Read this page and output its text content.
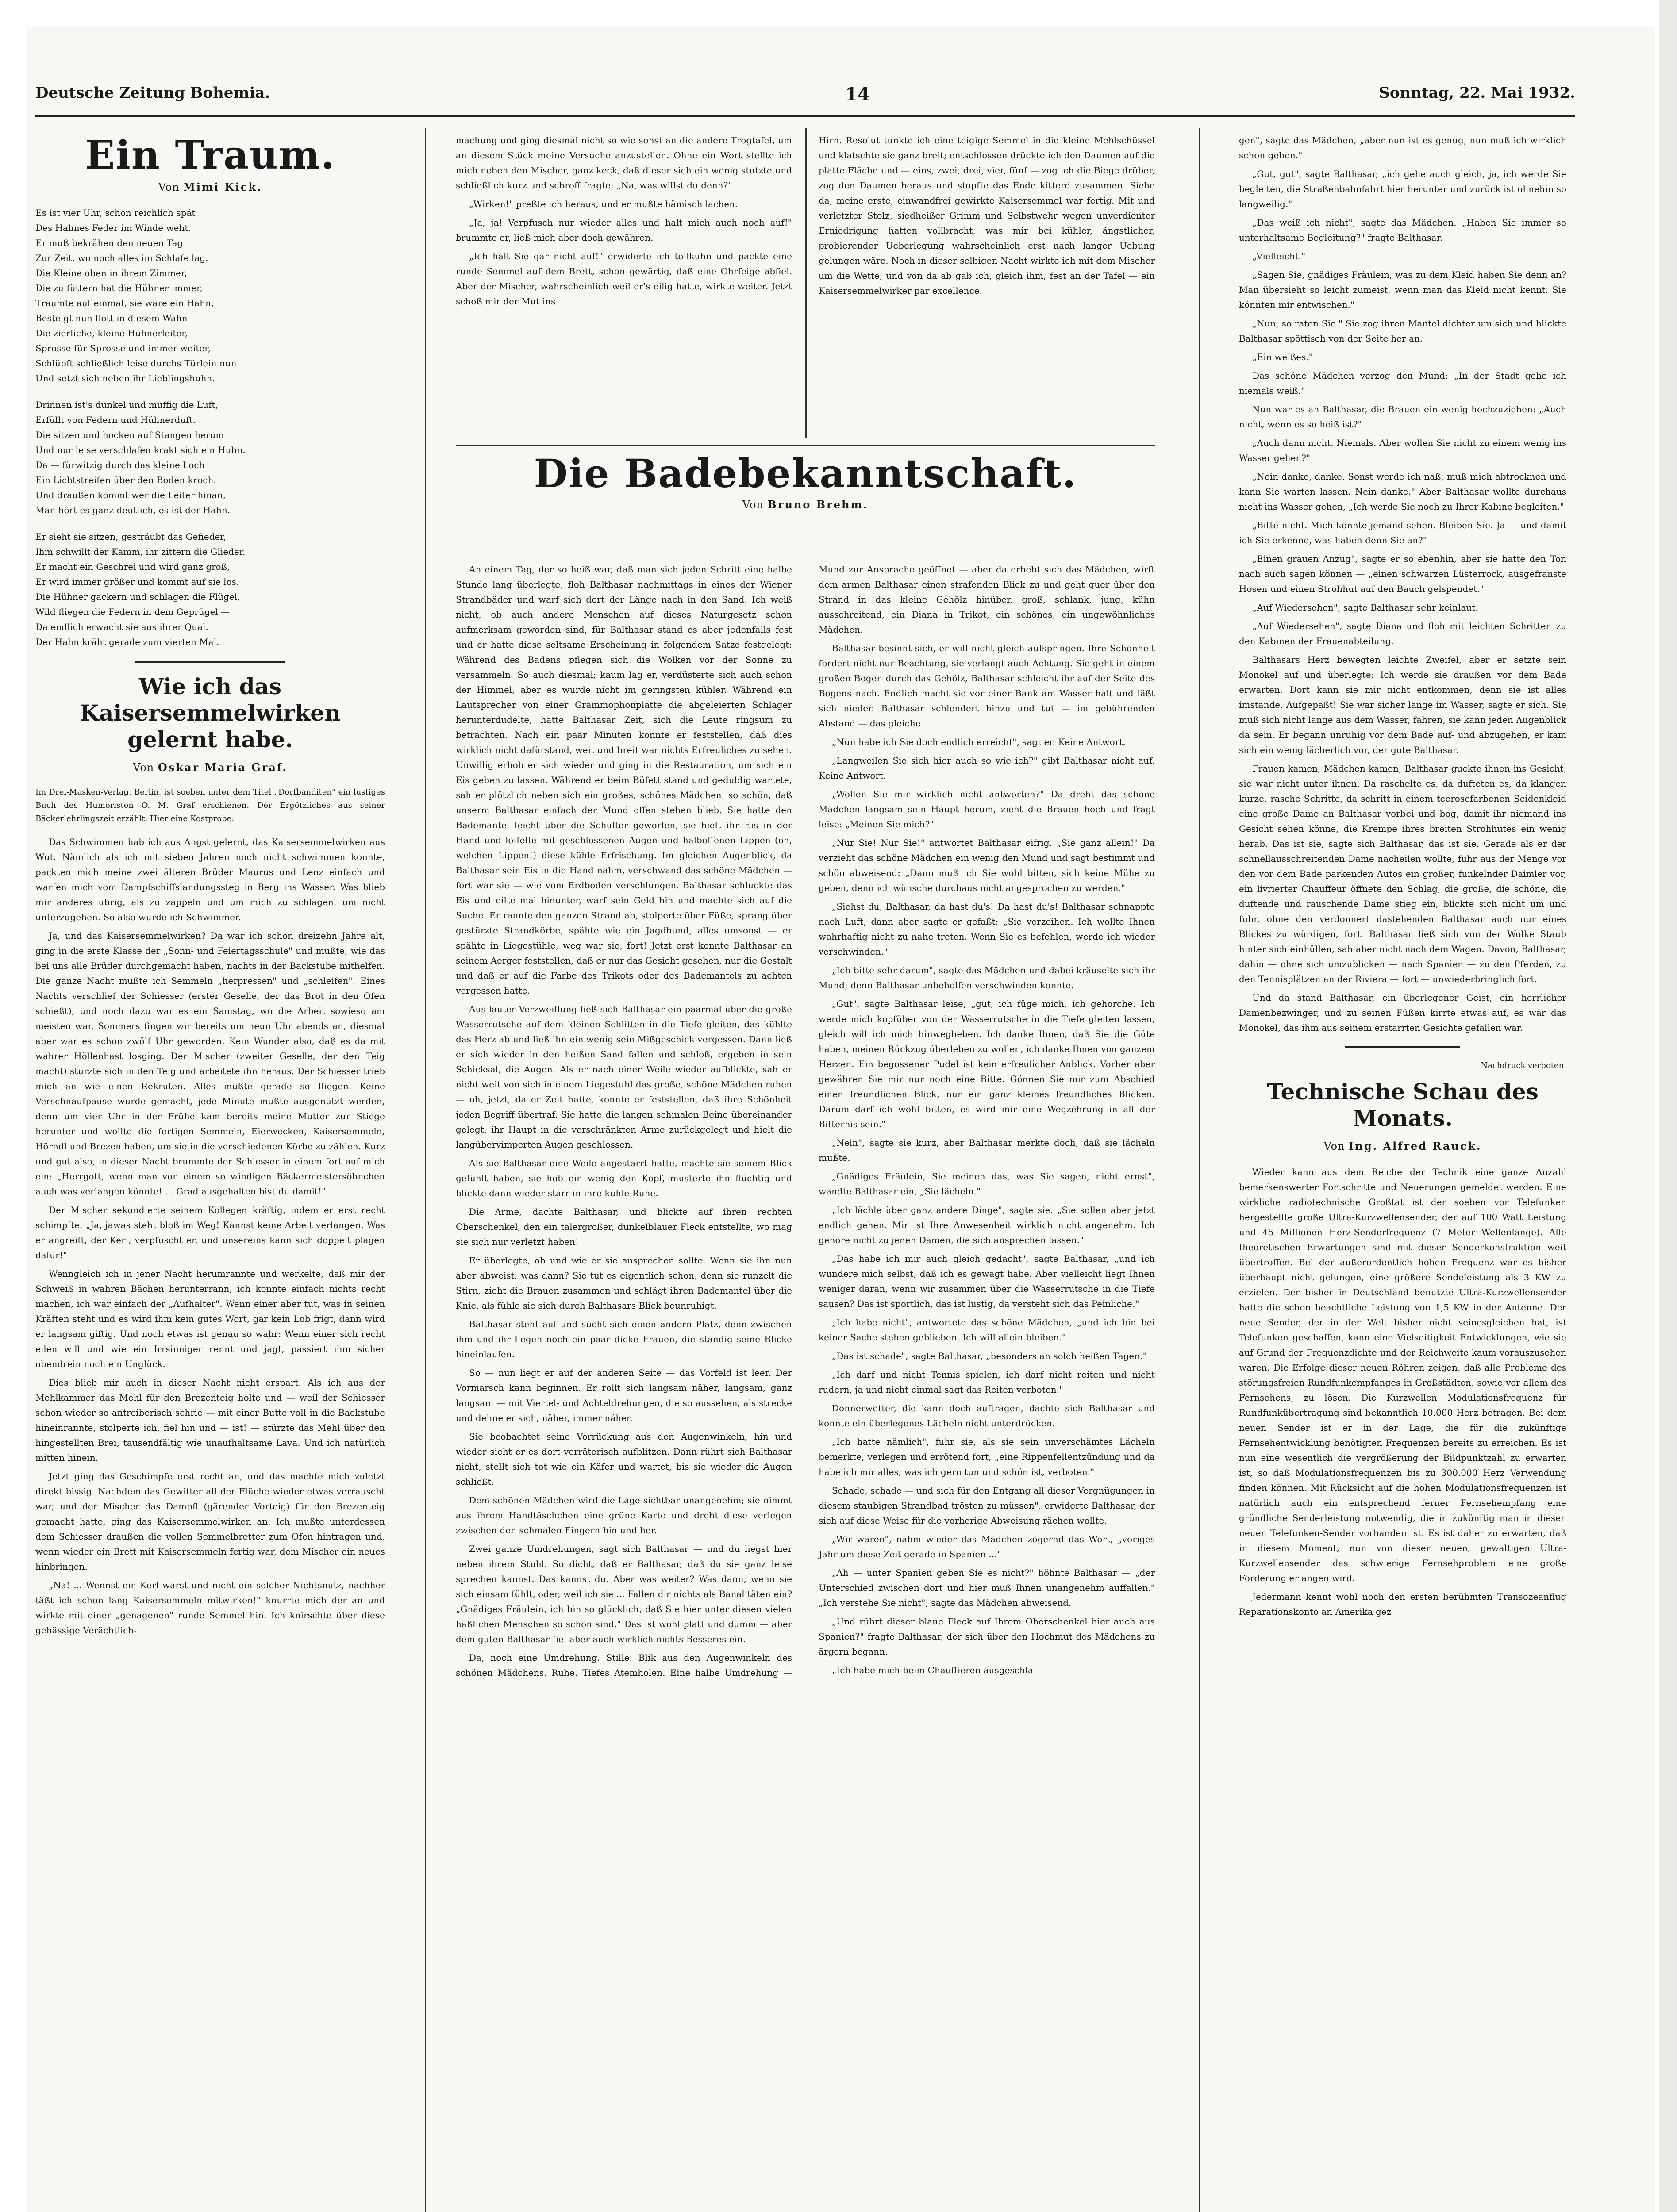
Deutsche Zeitung Bohemia.	14	Sonntag, 22. Mai 1932.
Ein Traum.
Von Mimi Kick.

Es ist vier Uhr, schon reichlich spät
Des Hahnes Feder im Winde weht.
Er muß bekrähen den neuen Tag
Zur Zeit, wo noch alles im Schlafe lag.
Die Kleine oben in ihrem Zimmer,
Die zu füttern hat die Hühner immer,
Träumte auf einmal, sie wäre ein Hahn,
Besteigt nun flott in diesem Wahn
Die zierliche, kleine Hühnerleiter,
Sprosse für Sprosse und immer weiter,
Schlüpft schließlich leise durchs Türlein nun
Und setzt sich neben ihr Lieblingshuhn.

Drinnen ist's dunkel und muffig die Luft,
Erfüllt von Federn und Hühnerduft.
Die sitzen und hocken auf Stangen herum
Und nur leise verschlafen krakt sich ein Huhn.
Da — fürwitzig durch das kleine Loch
Ein Lichtstreifen über den Boden kroch.
Und draußen kommt wer die Leiter hinan,
Man hört es ganz deutlich, es ist der Hahn.

Er sieht sie sitzen, gesträubt das Gefieder,
Ihm schwillt der Kamm, ihr zittern die Glieder.
Er macht ein Geschrei und wird ganz groß,
Er wird immer größer und kommt auf sie los.
Die Hühner gackern und schlagen die Flügel,
Wild fliegen die Federn in dem Geprügel —
Da endlich erwacht sie aus ihrer Qual.
Der Hahn kräht gerade zum vierten Mal.

Wie ich das Kaisersemmelwirken gelernt habe.
Von Oskar Maria Graf.
Im Drei-Masken-Verlag, Berlin, ist soeben unter dem Titel „Dorfbanditen" ein lustiges Buch des Humoristen O. M. Graf erschienen. Der Ergötzliches aus seiner Bäckerlehrlingszeit erzählt. Hier eine Kostprobe:

Das Schwimmen hab ich aus Angst gelernt, das Kaisersemmelwirken aus Wut. Nämlich als ich mit sieben Jahren noch nicht schwimmen konnte, packten mich meine zwei älteren Brüder Maurus und Lenz einfach und warfen mich vom Dampfschiffslandungssteg in Berg ins Wasser. Was blieb mir anderes übrig, als zu zappeln und um mich zu schlagen, um nicht unterzugehen. So also wurde ich Schwimmer.

Ja, und das Kaisersemmelwirken? Da war ich schon dreizehn Jahre alt, ging in die erste Klasse der „Sonn- und Feiertagsschule" und mußte, wie das bei uns alle Brüder durchgemacht haben, nachts in der Backstube mithelfen. Die ganze Nacht mußte ich Semmeln „herpressen" und „schleifen". Eines Nachts verschlief der Schiesser (erster Geselle, der das Brot in den Ofen schießt), und noch dazu war es ein Samstag, wo die Arbeit sowieso am meisten war. Sommers fingen wir bereits um neun Uhr abends an, diesmal aber war es schon zwölf Uhr geworden. Kein Wunder also, daß es da mit wahrer Höllenhast losging. Der Mischer (zweiter Geselle, der den Teig macht) stürzte sich in den Teig und arbeitete ihn heraus. Der Schiesser trieb mich an wie einen Rekruten. Alles mußte gerade so fliegen. Keine Verschnaufpause wurde gemacht, jede Minute mußte ausgenützt werden, denn um vier Uhr in der Frühe kam bereits meine Mutter zur Stiege herunter und wollte die fertigen Semmeln, Eierwecken, Kaisersemmeln, Hörndl und Brezen haben, um sie in die verschiedenen Körbe zu zählen. Kurz und gut also, in dieser Nacht brummte der Schiesser in einem fort auf mich ein: „Herrgott, wenn man von einem so windigen Bäckermeistersöhnchen auch was verlangen könnte! ... Grad ausgehalten bist du damit!"

Der Mischer sekundierte seinem Kollegen kräftig, indem er erst recht schimpfte: „Ja, jawas steht bloß im Weg! Kannst keine Arbeit verlangen. Was er angreift, der Kerl, verpfuscht er, und unsereins kann sich doppelt plagen dafür!"

Wenngleich ich in jener Nacht herumrannte und werkelte, daß mir der Schweiß in wahren Bächen herunterrann, ich konnte einfach nichts recht machen, ich war einfach der „Aufhalter". Wenn einer aber tut, was in seinen Kräften steht und es wird ihm kein gutes Wort, gar kein Lob frigt, dann wird er langsam giftig. Und noch etwas ist genau so wahr: Wenn einer sich recht eilen will und wie ein Irrsinniger rennt und jagt, passiert ihm sicher obendrein noch ein Unglück.

Dies blieb mir auch in dieser Nacht nicht erspart. Als ich aus der Mehlkammer das Mehl für den Brezenteig holte und — weil der Schiesser schon wieder so antreiberisch schrie — mit einer Butte voll in die Backstube hineinrannte, stolperte ich, fiel hin und — ist! — stürzte das Mehl über den hingestellten Brei, tausendfältig wie unaufhaltsame Lava. Und ich natürlich mitten hinein.

Jetzt ging das Geschimpfe erst recht an, und das machte mich zuletzt direkt bissig. Nachdem das Gewitter all der Flüche wieder etwas verrauscht war, und der Mischer das Dampfl (gärender Vorteig) für den Brezenteig gemacht hatte, ging das Kaisersemmelwirken an. Ich mußte unterdessen dem Schiesser draußen die vollen Semmelbretter zum Ofen hintragen und, wenn wieder ein Brett mit Kaisersemmeln fertig war, dem Mischer ein neues hinbringen.

„Na! ... Wennst ein Kerl wärst und nicht ein solcher Nichtsnutz, nachher täßt ich schon lang Kaisersemmeln mitwirken!" knurrte mich der an und wirkte mit einer „genagenen" runde Semmel hin. Ich knirschte über diese gehässige Verächtlich-

machung und ging diesmal nicht so wie sonst an die andere Trogtafel, um an diesem Stück meine Versuche anzustellen. Ohne ein Wort stellte ich mich neben den Mischer, ganz keck, daß dieser sich ein wenig stutzte und schließlich kurz und schroff fragte: „Na, was willst du denn?"

„Wirken!" preßte ich heraus, und er mußte hämisch lachen.

„Ja, ja! Verpfusch nur wieder alles und halt mich auch noch auf!" brummte er, ließ mich aber doch gewähren.

„Ich halt Sie gar nicht auf!" erwiderte ich tollkühn und packte eine runde Semmel auf dem Brett, schon gewärtig, daß eine Ohrfeige abfiel. Aber der Mischer, wahrscheinlich weil er's eilig hatte, wirkte weiter. Jetzt schoß mir der Mut ins

Hirn. Resolut tunkte ich eine teigige Semmel in die kleine Mehlschüssel und klatschte sie ganz breit; entschlossen drückte ich den Daumen auf die platte Fläche und — eins, zwei, drei, vier, fünf — zog ich die Biege drüber, zog den Daumen heraus und stopfte das Ende kitterd zusammen. Siehe da, meine erste, einwandfrei gewirkte Kaisersemmel war fertig. Mit und verletzter Stolz, siedheißer Grimm und Selbstwehr wegen unverdienter Erniedrigung hatten vollbracht, was mir bei kühler, ängstlicher, probierender Ueberlegung wahrscheinlich erst nach langer Uebung gelungen wäre. Noch in dieser selbigen Nacht wirkte ich mit dem Mischer um die Wette, und von da ab gab ich, gleich ihm, fest an der Tafel — ein Kaisersemmelwirker par excellence.

Die Badebekanntschaft.
Von Bruno Brehm.

An einem Tag, der so heiß war, daß man sich jeden Schritt eine halbe Stunde lang überlegte, floh Balthasar nachmittags in eines der Wiener Strandbäder und warf sich dort der Länge nach in den Sand. Ich weiß nicht, ob auch andere Menschen auf dieses Naturgesetz schon aufmerksam geworden sind, für Balthasar stand es aber jedenfalls fest und er hatte diese seltsame Erscheinung in folgendem Satze festgelegt: Während des Badens pflegen sich die Wolken vor der Sonne zu versammeln. So auch diesmal; kaum lag er, verdüsterte sich auch schon der Himmel, aber es wurde nicht im geringsten kühler. Während ein Lautsprecher von einer Grammophonplatte die abgeleierten Schlager herunterdudelte, hatte Balthasar Zeit, sich die Leute ringsum zu betrachten. Nach ein paar Minuten konnte er feststellen, daß dies wirklich nicht dafürstand, weit und breit war nichts Erfreuliches zu sehen. Unwillig erhob er sich wieder und ging in die Restauration, um sich ein Eis geben zu lassen. Während er beim Büfett stand und geduldig wartete, sah er plötzlich neben sich ein großes, schönes Mädchen, so schön, daß unserm Balthasar einfach der Mund offen stehen blieb. Sie hatte den Bademantel leicht über die Schulter geworfen, sie hielt ihr Eis in der Hand und löffelte mit geschlossenen Augen und halboffenen Lippen (oh, welchen Lippen!) diese kühle Erfrischung. Im gleichen Augenblick, da Balthasar sein Eis in die Hand nahm, verschwand das schöne Mädchen — fort war sie — wie vom Erdboden verschlungen. Balthasar schluckte das Eis und eilte mal hinunter, warf sein Geld hin und machte sich auf die Suche. Er rannte den ganzen Strand ab, stolperte über Füße, sprang über gestürzte Strandkörbe, spähte wie ein Jagdhund, alles umsonst — er spähte in Liegestühle, weg war sie, fort! Jetzt erst konnte Balthasar an seinem Aerger feststellen, daß er nur das Gesicht gesehen, nur die Gestalt und daß er auf die Farbe des Trikots oder des Bademantels zu achten vergessen hatte.

Aus lauter Verzweiflung ließ sich Balthasar ein paarmal über die große Wasserrutsche auf dem kleinen Schlitten in die Tiefe gleiten, das kühlte das Herz ab und ließ ihn ein wenig sein Mißgeschick vergessen. Dann ließ er sich wieder in den heißen Sand fallen und schloß, ergeben in sein Schicksal, die Augen. Als er nach einer Weile wieder aufblickte, sah er nicht weit von sich in einem Liegestuhl das große, schöne Mädchen ruhen — oh, jetzt, da er Zeit hatte, konnte er feststellen, daß ihre Schönheit jeden Begriff übertraf. Sie hatte die langen schmalen Beine übereinander gelegt, ihr Haupt in die verschränkten Arme zurückgelegt und hielt die langübervimperten Augen geschlossen.

Als sie Balthasar eine Weile angestarrt hatte, machte sie seinem Blick gefühlt haben, sie hob ein wenig den Kopf, musterte ihn flüchtig und blickte dann wieder starr in ihre kühle Ruhe.

Die Arme, dachte Balthasar, und blickte auf ihren rechten Oberschenkel, den ein talergroßer, dunkelblauer Fleck entstellte, wo mag sie sich nur verletzt haben!

Er überlegte, ob und wie er sie ansprechen sollte. Wenn sie ihn nun aber abweist, was dann? Sie tut es eigentlich schon, denn sie runzelt die Stirn, zieht die Brauen zusammen und schlägt ihren Bademantel über die Knie, als fühle sie sich durch Balthasars Blick beunruhigt.

Balthasar steht auf und sucht sich einen andern Platz, denn zwischen ihm und ihr liegen noch ein paar dicke Frauen, die ständig seine Blicke hineinlaufen.

So — nun liegt er auf der anderen Seite — das Vorfeld ist leer. Der Vormarsch kann beginnen. Er rollt sich langsam näher, langsam, ganz langsam — mit Viertel- und Achteldrehungen, die so aussehen, als strecke und dehne er sich, näher, immer näher.

Sie beobachtet seine Vorrückung aus den Augenwinkeln, hin und wieder sieht er es dort verräterisch aufblitzen. Dann rührt sich Balthasar nicht, stellt sich tot wie ein Käfer und wartet, bis sie wieder die Augen schließt.

Dem schönen Mädchen wird die Lage sichtbar unangenehm; sie nimmt aus ihrem Handtäschchen eine grüne Karte und dreht diese verlegen zwischen den schmalen Fingern hin und her.

Zwei ganze Umdrehungen, sagt sich Balthasar — und du liegst hier neben ihrem Stuhl. So dicht, daß er Balthasar, daß du sie ganz leise sprechen kannst. Das kannst du. Aber was weiter? Was dann, wenn sie sich einsam fühlt, oder, weil ich sie ... Fallen dir nichts als Banalitäten ein? „Gnädiges Fräulein, ich bin so glücklich, daß Sie hier unter diesen vielen häßlichen Menschen so schön sind." Das ist wohl platt und dumm — aber dem guten Balthasar fiel aber auch wirklich nichts Besseres ein.

Da, noch eine Umdrehung. Stille. Blik aus den Augenwinkeln des schönen Mädchens. Ruhe. Tiefes Atemholen. Eine halbe Umdrehung — Mund zur Ansprache geöffnet — aber da erhebt sich das Mädchen, wirft dem armen Balthasar einen strafenden Blick zu und geht quer über den Strand in das kleine Gehölz hinüber, groß, schlank, jung, kühn ausschreitend, ein Diana in Trikot, ein schönes, ein ungewöhnliches Mädchen.

Balthasar besinnt sich, er will nicht gleich aufspringen. Ihre Schönheit fordert nicht nur Beachtung, sie verlangt auch Achtung. Sie geht in einem großen Bogen durch das Gehölz, Balthasar schleicht ihr auf der Seite des Bogens nach. Endlich macht sie vor einer Bank am Wasser halt und läßt sich nieder. Balthasar schlendert hinzu und tut — im gebührenden Abstand — das gleiche.

„Nun habe ich Sie doch endlich erreicht", sagt er. Keine Antwort.

„Langweilen Sie sich hier auch so wie ich?" gibt Balthasar nicht auf. Keine Antwort.

„Wollen Sie mir wirklich nicht antworten?" Da dreht das schöne Mädchen langsam sein Haupt herum, zieht die Brauen hoch und fragt leise: „Meinen Sie mich?"

„Nur Sie! Nur Sie!" antwortet Balthasar eifrig. „Sie ganz allein!" Da verzieht das schöne Mädchen ein wenig den Mund und sagt bestimmt und schön abweisend: „Dann muß ich Sie wohl bitten, sich keine Mühe zu geben, denn ich wünsche durchaus nicht angesprochen zu werden."

„Siehst du, Balthasar, da hast du's! Da hast du's! Balthasar schnappte nach Luft, dann aber sagte er gefaßt: „Sie verzeihen. Ich wollte Ihnen wahrhaftig nicht zu nahe treten. Wenn Sie es befehlen, werde ich wieder verschwinden."

„Ich bitte sehr darum", sagte das Mädchen und dabei kräuselte sich ihr Mund; denn Balthasar unbeholfen verschwinden konnte.

„Gut", sagte Balthasar leise, „gut, ich füge mich, ich gehorche. Ich werde mich kopfüber von der Wasserrutsche in die Tiefe gleiten lassen, gleich will ich mich hinwegheben. Ich danke Ihnen, daß Sie die Güte haben, meinen Rückzug überleben zu wollen, ich danke Ihnen von ganzem Herzen. Ein begossener Pudel ist kein erfreulicher Anblick. Vorher aber gewähren Sie mir nur noch eine Bitte. Gönnen Sie mir zum Abschied einen freundlichen Blick, nur ein ganz kleines freundliches Blicken. Darum darf ich wohl bitten, es wird mir eine Wegzehrung in all der Bitternis sein."

„Nein", sagte sie kurz, aber Balthasar merkte doch, daß sie lächeln mußte.

„Gnädiges Fräulein, Sie meinen das, was Sie sagen, nicht ernst", wandte Balthasar ein, „Sie lächeln."

„Ich lächle über ganz andere Dinge", sagte sie. „Sie sollen aber jetzt endlich gehen. Mir ist Ihre Anwesenheit wirklich nicht angenehm. Ich gehöre nicht zu jenen Damen, die sich ansprechen lassen."

„Das habe ich mir auch gleich gedacht", sagte Balthasar, „und ich wundere mich selbst, daß ich es gewagt habe. Aber vielleicht liegt Ihnen weniger daran, wenn wir zusammen über die Wasserrutsche in die Tiefe sausen? Das ist sportlich, das ist lustig, da versteht sich das Peinliche."

„Ich habe nicht", antwortete das schöne Mädchen, „und ich bin bei keiner Sache stehen geblieben. Ich will allein bleiben."

„Das ist schade", sagte Balthasar, „besonders an solch heißen Tagen."

„Ich darf und nicht Tennis spielen, ich darf nicht reiten und nicht rudern, ja und nicht einmal sagt das Reiten verboten."

Donnerwetter, die kann doch auftragen, dachte sich Balthasar und konnte ein überlegenes Lächeln nicht unterdrücken.

„Ich hatte nämlich", fuhr sie, als sie sein unverschämtes Lächeln bemerkte, verlegen und errötend fort, „eine Rippenfellentzündung und da habe ich mir alles, was ich gern tun und schön ist, verboten."

Schade, schade — und sich für den Entgang all dieser Vergnügungen in diesem staubigen Strandbad trösten zu müssen", erwiderte Balthasar, der sich auf diese Weise für die vorherige Abweisung rächen wollte.

„Wir waren", nahm wieder das Mädchen zögernd das Wort, „voriges Jahr um diese Zeit gerade in Spanien ..."

„Ah — unter Spanien geben Sie es nicht?" höhnte Balthasar — „der Unterschied zwischen dort und hier muß Ihnen unangenehm auffallen." „Ich verstehe Sie nicht", sagte das Mädchen abweisend.

„Und rührt dieser blaue Fleck auf Ihrem Oberschenkel hier auch aus Spanien?" fragte Balthasar, der sich über den Hochmut des Mädchens zu ärgern begann.

„Ich habe mich beim Chauffieren ausgeschla-

gen", sagte das Mädchen, „aber nun ist es genug, nun muß ich wirklich schon gehen."

„Gut, gut", sagte Balthasar, „ich gehe auch gleich, ja, ich werde Sie begleiten, die Straßenbahnfahrt hier herunter und zurück ist ohnehin so langweilig."

„Das weiß ich nicht", sagte das Mädchen. „Haben Sie immer so unterhaltsame Begleitung?" fragte Balthasar.

„Vielleicht."

„Sagen Sie, gnädiges Fräulein, was zu dem Kleid haben Sie denn an? Man übersieht so leicht zumeist, wenn man das Kleid nicht kennt. Sie könnten mir entwischen."

„Nun, so raten Sie." Sie zog ihren Mantel dichter um sich und blickte Balthasar spöttisch von der Seite her an.

„Ein weißes."

Das schöne Mädchen verzog den Mund: „In der Stadt gehe ich niemals weiß."

Nun war es an Balthasar, die Brauen ein wenig hochzuziehen: „Auch nicht, wenn es so heiß ist?"

„Auch dann nicht. Niemals. Aber wollen Sie nicht zu einem wenig ins Wasser gehen?"

„Nein danke, danke. Sonst werde ich naß, muß mich abtrocknen und kann Sie warten lassen. Nein danke." Aber Balthasar wollte durchaus nicht ins Wasser gehen, „Ich werde Sie noch zu Ihrer Kabine begleiten."

„Bitte nicht. Mich könnte jemand sehen. Bleiben Sie. Ja — und damit ich Sie erkenne, was haben denn Sie an?"

„Einen grauen Anzug", sagte er so ebenhin, aber sie hatte den Ton nach auch sagen können — „einen schwarzen Lüsterrock, ausgefranste Hosen und einen Strohhut auf den Bauch gelspendet."

„Auf Wiedersehen", sagte Balthasar sehr keinlaut.

„Auf Wiedersehen", sagte Diana und floh mit leichten Schritten zu den Kabinen der Frauenabteilung.

Balthasars Herz bewegten leichte Zweifel, aber er setzte sein Monokel auf und überlegte: Ich werde sie draußen vor dem Bade erwarten. Dort kann sie mir nicht entkommen, denn sie ist alles imstande. Aufgepaßt! Sie war sicher lange im Wasser, sagte er sich. Sie muß sich nicht lange aus dem Wasser, fahren, sie kann jeden Augenblick da sein. Er begann unruhig vor dem Bade auf- und abzugehen, er kam sich ein wenig lächerlich vor, der gute Balthasar.

Frauen kamen, Mädchen kamen, Balthasar guckte ihnen ins Gesicht, sie war nicht unter ihnen. Da raschelte es, da dufteten es, da klangen kurze, rasche Schritte, da schritt in einem teerosefarbenen Seidenkleid eine große Dame an Balthasar vorbei und bog, damit ihr niemand ins Gesicht sehen könne, die Krempe ihres breiten Strohhutes ein wenig herab. Das ist sie, sagte sich Balthasar, das ist sie. Gerade als er der schnellausschreitenden Dame nacheilen wollte, fuhr aus der Menge vor den vor dem Bade parkenden Autos ein großer, funkelnder Daimler vor, ein livrierter Chauffeur öffnete den Schlag, die große, die schöne, die duftende und rauschende Dame stieg ein, blickte sich nicht um und fuhr, ohne den verdonnert dastehenden Balthasar auch nur eines Blickes zu würdigen, fort. Balthasar ließ sich von der Wolke Staub hinter sich einhüllen, sah aber nicht nach dem Wagen. Davon, Balthasar, dahin — ohne sich umzublicken — nach Spanien — zu den Pferden, zu den Tennisplätzen an der Riviera — fort — unwiederbringlich fort.

Und da stand Balthasar, ein überlegener Geist, ein herrlicher Damenbezwinger, und zu seinen Füßen kirrte etwas auf, es war das Monokel, das ihm aus seinem erstarrten Gesichte gefallen war.

Nachdruck verboten.
Technische Schau des Monats.
Von Ing. Alfred Rauck.

Wieder kann aus dem Reiche der Technik eine ganze Anzahl bemerkenswerter Fortschritte und Neuerungen gemeldet werden. Eine wirkliche radiotechnische Großtat ist der soeben vor Telefunken hergestellte große Ultra-Kurzwellensender, der auf 100 Watt Leistung und 45 Millionen Herz-Senderfrequenz (7 Meter Wellenlänge). Alle theoretischen Erwartungen sind mit dieser Senderkonstruktion weit übertroffen. Bei der außerordentlich hohen Frequenz war es bisher überhaupt nicht gelungen, eine größere Sendeleistung als 3 KW zu erzielen. Der bisher in Deutschland benutzte Ultra-Kurzwellensender hatte die schon beachtliche Leistung von 1,5 KW in der Antenne. Der neue Sender, der in der Welt bisher nicht seinesgleichen hat, ist Telefunken geschaffen, kann eine Vielseitigkeit Entwicklungen, wie sie auf Grund der Frequenzdichte und der Reichweite kaum vorauszusehen waren. Die Erfolge dieser neuen Röhren zeigen, daß alle Probleme des störungsfreien Rundfunkempfanges in Großstädten, sowie vor allem des Fernsehens, zu lösen. Die Kurzwellen Modulationsfrequenz für Rundfunkübertragung sind bekanntlich 10.000 Herz betragen. Bei dem neuen Sender ist er in der Lage, die für die zukünftige Fernsehentwicklung benötigten Frequenzen bereits zu erreichen. Es ist nun eine wesentlich die vergrößerung der Bildpunktzahl zu erwarten ist, so daß Modulationsfrequenzen bis zu 300.000 Herz Verwendung finden können. Mit Rücksicht auf die hohen Modulationsfrequenzen ist natürlich auch ein entsprechend ferner Fernsehempfang eine gründliche Senderleistung notwendig, die in zukünftig man in diesen neuen Telefunken-Sender vorhanden ist. Es ist daher zu erwarten, daß in diesem Moment, nun von dieser neuen, gewaltigen Ultra-Kurzwellensender das schwierige Fernsehproblem eine große Förderung erlangen wird.

Jedermann kennt wohl noch den ersten berühmten Transozeanflug Reparationskonto an Amerika gez
